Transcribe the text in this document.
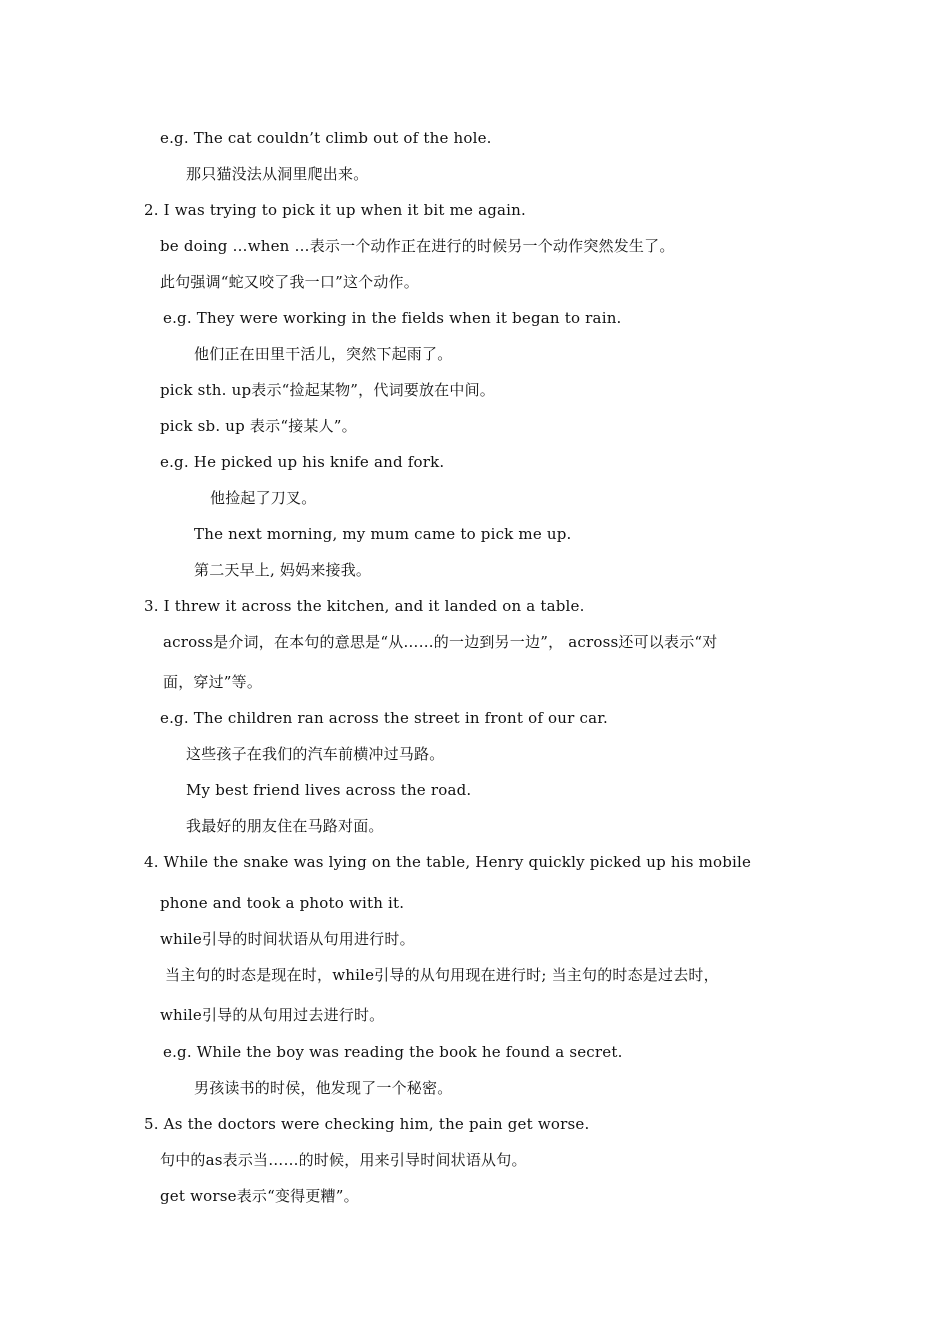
e.g. The cat couldn’t climb out of the hole.
那只猫没法从洞里爬出来。
2. I was trying to pick it up when it bit me again.
be doing …when …表示一个动作正在进行的时候另一个动作突然发生了。
此句强调“蛇又咬了我一口”这个动作。
e.g. They were working in the fields when it began to rain.
他们正在田里干活儿，突然下起雨了。
pick sth. up表示“捡起某物”，代词要放在中间。
pick sb. up 表示“接某人”。
e.g. He picked up his knife and fork.
他捡起了刀叉。
The next morning, my mum came to pick me up.
第二天早上, 妈妈来接我。
3. I threw it across the kitchen, and it landed on a table.
across是介词，在本句的意思是“从……的一边到另一边”， across还可以表示“对
面，穿过”等。
e.g. The children ran across the street in front of our car.
这些孩子在我们的汽车前横冲过马路。
My best friend lives across the road.
我最好的朋友住在马路对面。
4. While the snake was lying on the table, Henry quickly picked up his mobile
phone and took a photo with it.
while引导的时间状语从句用进行时。
当主句的时态是现在时，while引导的从句用现在进行时; 当主句的时态是过去时，
while引导的从句用过去进行时。
e.g. While the boy was reading the book he found a secret.
男孩读书的时侯，他发现了一个秘密。
5. As the doctors were checking him, the pain get worse.
句中的as表示当……的时候，用来引导时间状语从句。
get worse表示“变得更糟”。
